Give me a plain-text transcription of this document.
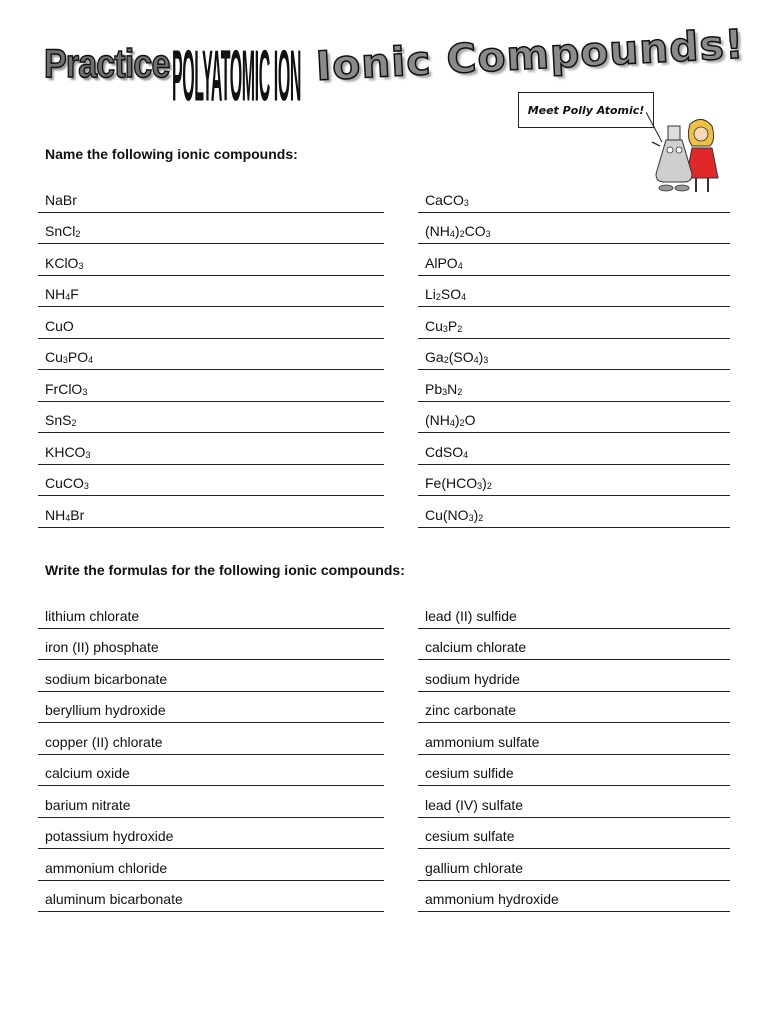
Practice POLYATOMIC ION Ionic Compounds!
Meet Polly Atomic!
Name the following ionic compounds:
NaBr
SnCl 2
KClO 3
NH 4 F
CuO
Cu 3 PO 4
FrClO 3
SnS 2
KHCO 3
CuCO 3
NH 4 Br
CaCO 3
(NH 4 ) 2 CO 3
AlPO 4
Li 2 SO 4
Cu 3 P 2
Ga 2 (SO 4 ) 3
Pb 3 N 2
(NH 4 ) 2 O
CdSO 4
Fe(HCO 3 ) 2
Cu(NO 3 ) 2
Write the formulas for the following ionic compounds:
lithium chlorate
iron (II) phosphate
sodium bicarbonate
beryllium hydroxide
copper (II) chlorate
calcium oxide
barium nitrate
potassium hydroxide
ammonium chloride
aluminum bicarbonate
lead (II) sulfide
calcium chlorate
sodium hydride
zinc carbonate
ammonium sulfate
cesium sulfide
lead (IV) sulfate
cesium sulfate
gallium chlorate
ammonium hydroxide
